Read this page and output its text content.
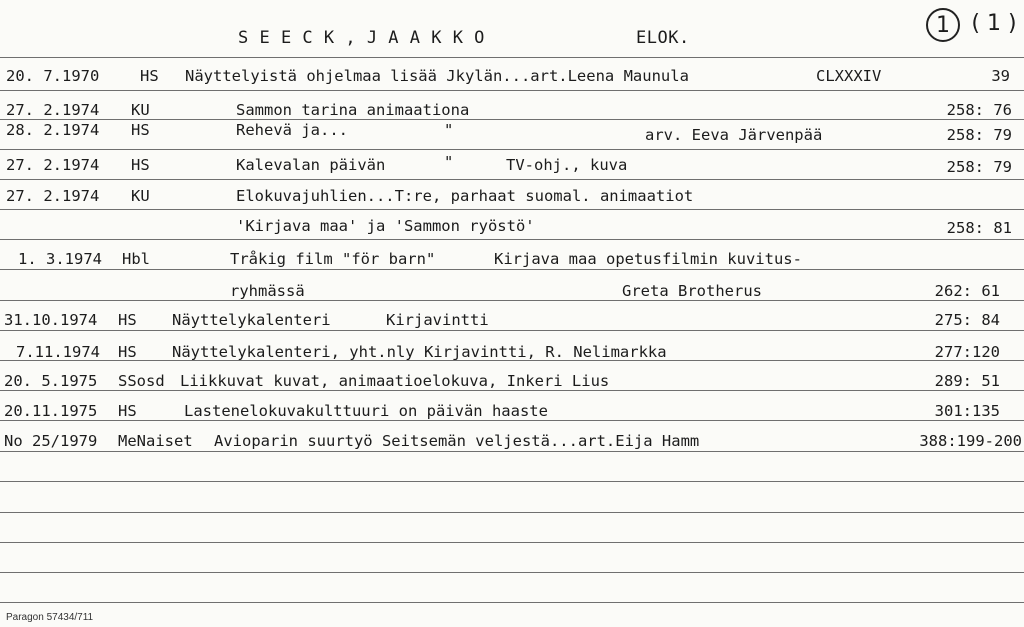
S E E C K , J A A K K O	ELOK.
1 ( 1 )
20. 7.1970	HS Näyttelyistä ohjelmaa lisää Jkylän...art.Leena Maunula	CLXXXIV	39
27. 2.1974 KU	Sammon tarina animaationa	258: 76
28. 2.1974 HS	Rehevä ja...	"	arv. Eeva Järvenpää	258: 79
27. 2.1974 HS	Kalevalan päivän	"	TV-ohj., kuva	258: 79
27. 2.1974 KU	Elokuvajuhlien...T:re, parhaat suomal. animaatiot
'Kirjava maa' ja 'Sammon ryöstö'	258: 81
1. 3.1974 Hbl	Tråkig film "för barn"	Kirjava maa opetusfilmin kuvitus-
ryhmässä	Greta Brotherus	262: 61
31.10.1974 HS Näyttelykalenteri	Kirjavintti	275: 84
7.11.1974 HS Näyttelykalenteri, yht.nly Kirjavintti, R. Nelimarkka	277:120
20. 5.1975 SSosd Liikkuvat kuvat, animaatioelokuva, Inkeri Lius	289: 51
20.11.1975 HS	Lastenelokuvakulttuuri on päivän haaste	301:135
No 25/1979 MeNaiset Avioparin suurtyö Seitsemän veljestä...art.Eija Hamm	388:199-200
Paragon 57434/711
